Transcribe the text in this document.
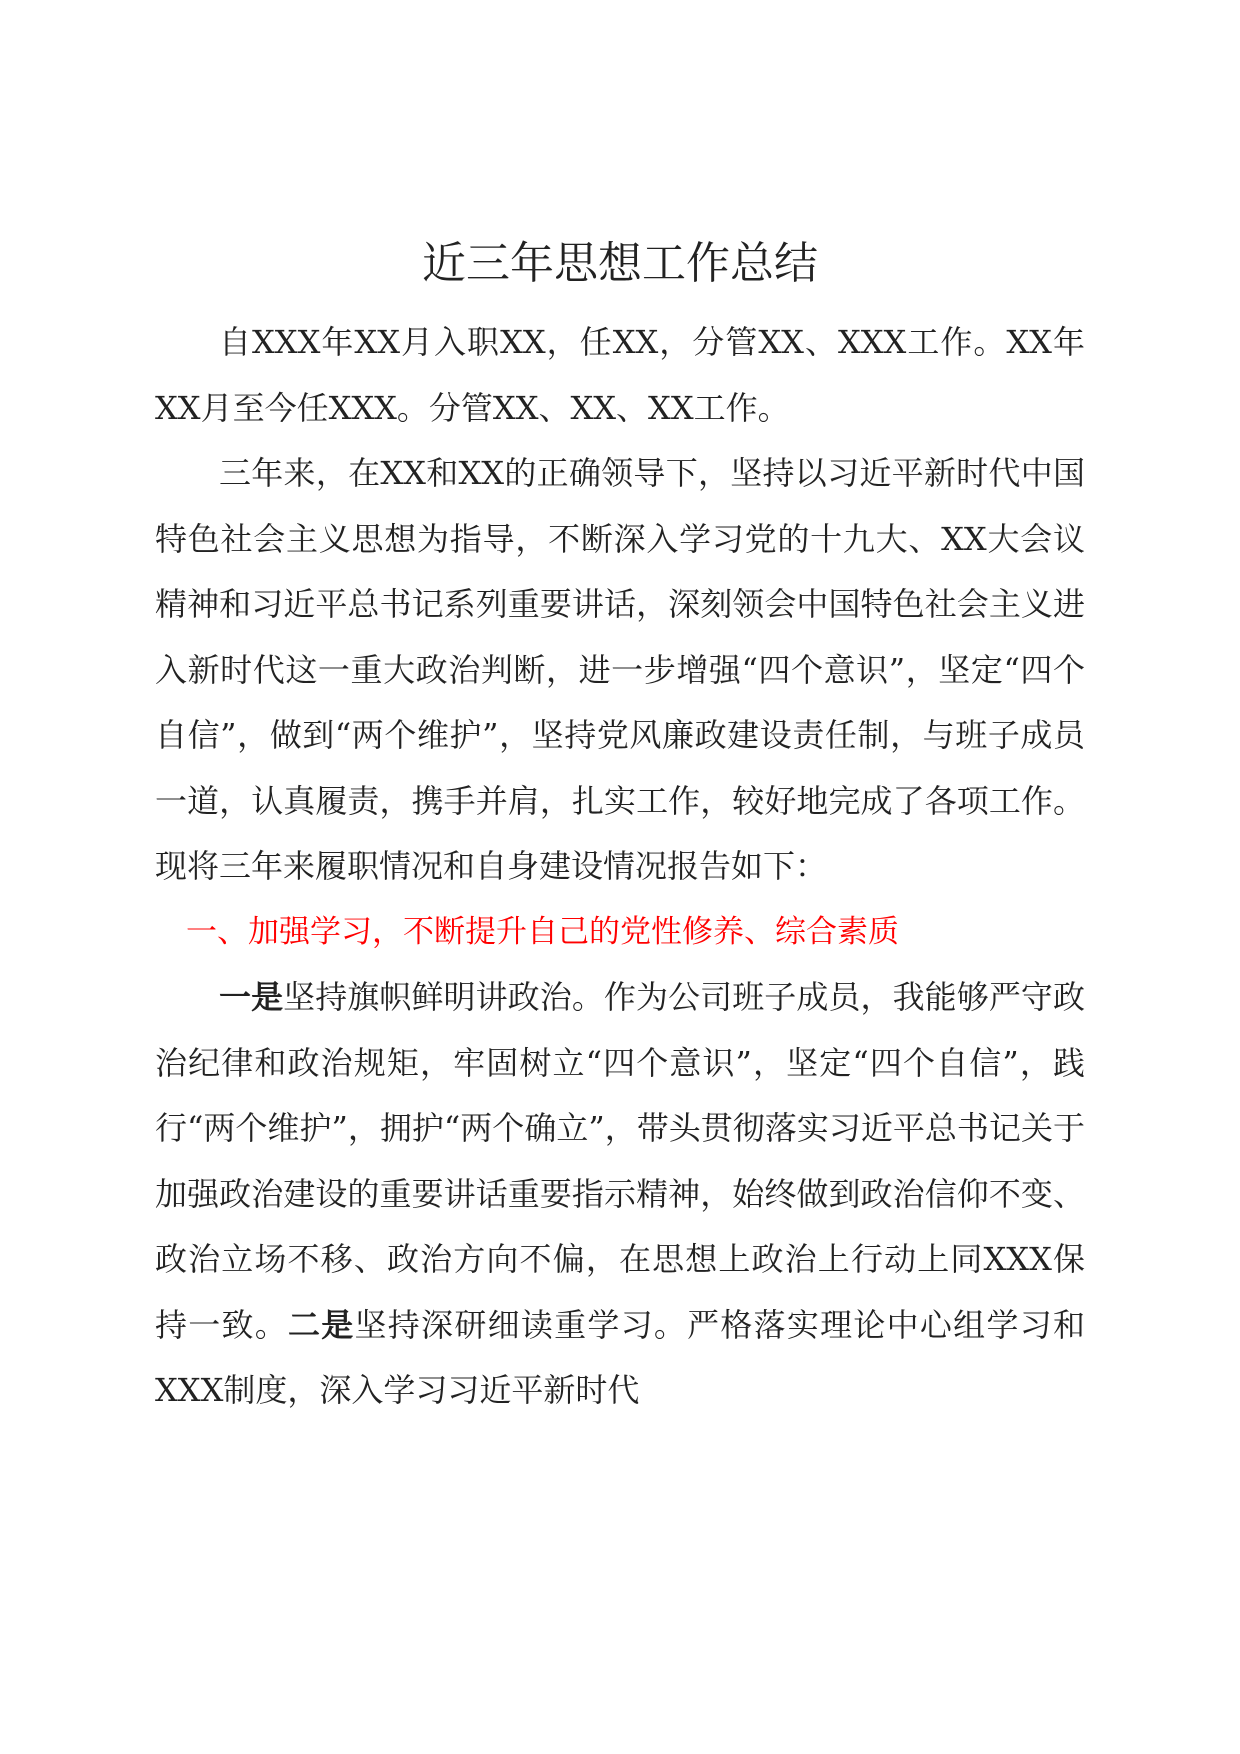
近三年思想工作总结

自XXX年XX月入职XX，任XX，分管XX、XXX工作。XX年XX月至今任XXX。分管XX、XX、XX工作。

三年来，在XX和XX的正确领导下，坚持以习近平新时代中国特色社会主义思想为指导，不断深入学习党的十九大、XX大会议精神和习近平总书记系列重要讲话，深刻领会中国特色社会主义进入新时代这一重大政治判断，进一步增强“四个意识”，坚定“四个自信”，做到“两个维护”，坚持党风廉政建设责任制，与班子成员一道，认真履责，携手并肩，扎实工作，较好地完成了各项工作。现将三年来履职情况和自身建设情况报告如下：

一、加强学习，不断提升自己的党性修养、综合素质

一是坚持旗帜鲜明讲政治。作为公司班子成员，我能够严守政治纪律和政治规矩，牢固树立“四个意识”，坚定“四个自信”，践行“两个维护”，拥护“两个确立”，带头贯彻落实习近平总书记关于加强政治建设的重要讲话重要指示精神，始终做到政治信仰不变、政治立场不移、政治方向不偏，在思想上政治上行动上同XXX保持一致。二是坚持深研细读重学习。严格落实理论中心组学习和XXX制度，深入学习习近平新时代
